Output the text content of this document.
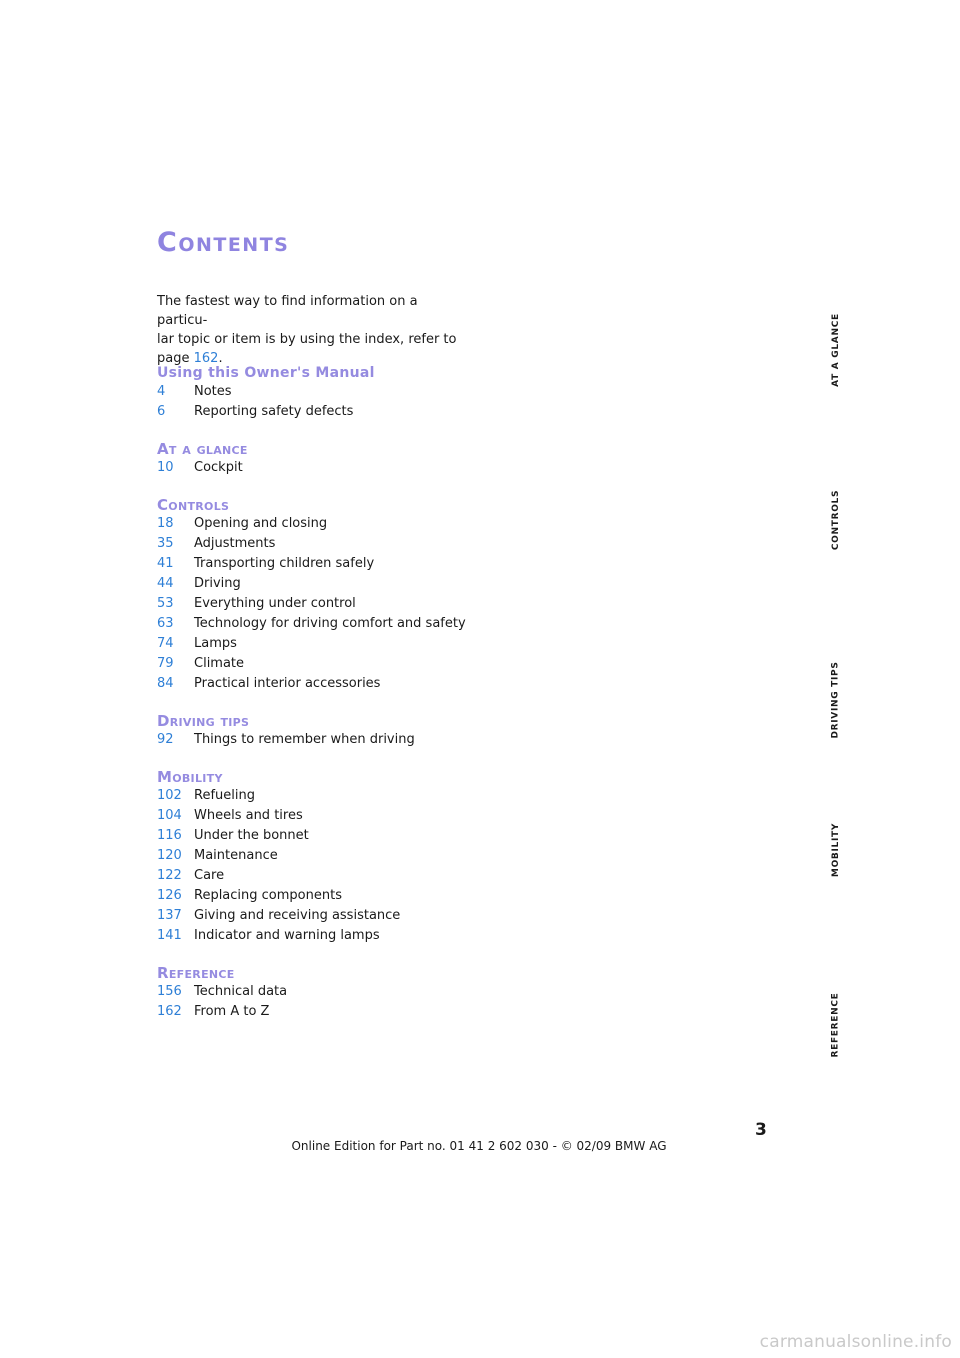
Contents

The fastest way to find information on a particu-
lar topic or item is by using the index, refer to
page 162.

Using this Owner's Manual
4	Notes
6	Reporting safety defects
At a glance
10	Cockpit
Controls
18	Opening and closing
35	Adjustments
41	Transporting children safely
44	Driving
53	Everything under control
63	Technology for driving comfort and safety
74	Lamps
79	Climate
84	Practical interior accessories
Driving tips
92	Things to remember when driving
Mobility
102 Refueling
104 Wheels and tires
116 Under the bonnet
120 Maintenance
122 Care
126 Replacing components
137 Giving and receiving assistance
141 Indicator and warning lamps
Reference
156 Technical data
162 From A to Z
AT A GLANCE
CONTROLS
DRIVING TIPS
MOBILITY
REFERENCE
3

Online Edition for Part no. 01 41 2 602 030 - © 02/09 BMW AG

carmanualsonline.info
